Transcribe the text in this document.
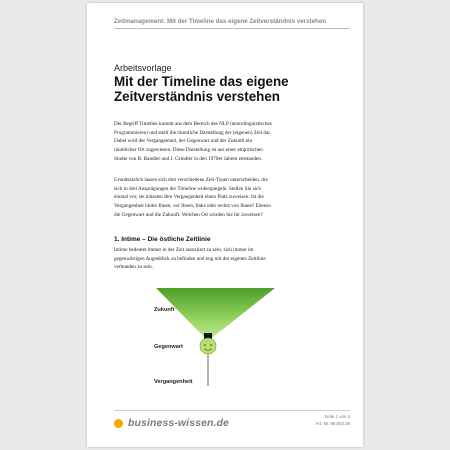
Zeitmanagement: Mit der Timeline das eigene Zeitverständnis verstehen
Arbeitsvorlage
Mit der Timeline das eigene Zeitverständnis verstehen
Der Begriff Timeline kommt aus dem Bereich des NLP (neurolinguistisches
Programmieren) und stellt die räumliche Darstellung der (eigenen) Zeit dar.
Dabei wird der Vergangenheit, der Gegenwart und der Zukunft ein
räumlicher Ort zugewiesen. Diese Darstellung ist aus einer empirischen
Studie von R. Bandler und J. Grindler in den 1970er Jahren entstanden.
Grundsätzlich lassen sich drei verschiedene Zeit-Typen unterscheiden, die
sich in drei Ausprägungen der Timeline widerspiegeln. Stellen Sie sich
einmal vor, sie müssten Ihre Vergangenheit einen Platz zuweisen: Ist die
Vergangenheit hinter Ihnen, vor Ihnen, links oder rechts von Ihnen? Ebenso
die Gegenwart und die Zukunft: Welchen Ort würden Sie ihr zuweisen?
1. Intime – Die östliche Zeitlinie
Intime bedeutet immer in der Zeit assoziiert zu sein, sich immer im
gegenwärtigen Augenblick zu befinden und eng mit der eigenen Zeitlinie
verbunden zu sein.
Zukunft
Gegenwart
Vergangenheit
business-wissen.de
Seite 1 von 4
Art.-Nr. 99.002.39
